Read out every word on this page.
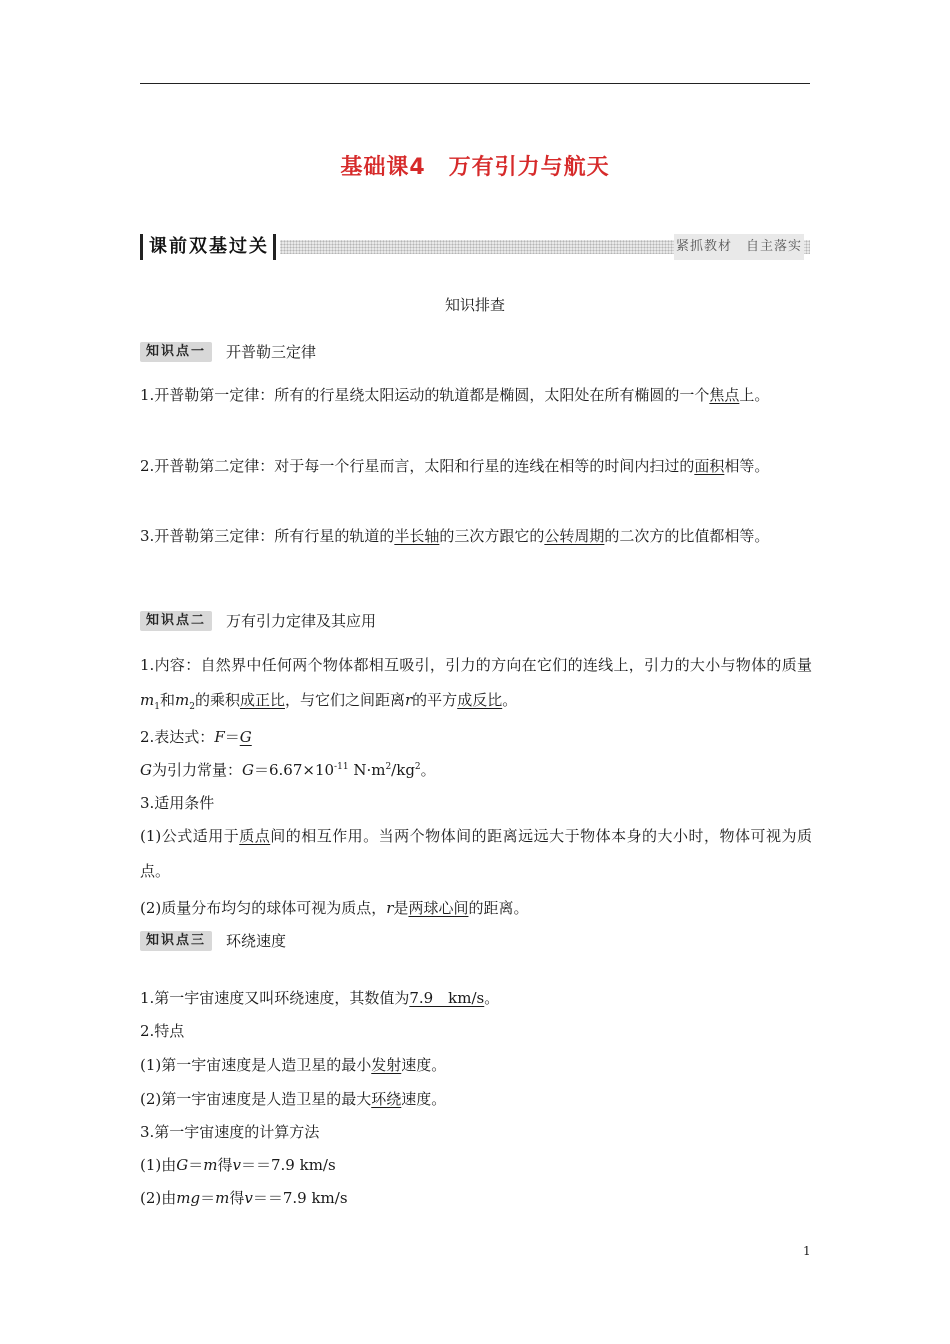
基础课4　万有引力与航天
课前双基过关	紧抓教材　自主落实
知识排查
知识点一 开普勒三定律
1.开普勒第一定律：所有的行星绕太阳运动的轨道都是椭圆，太阳处在所有椭圆的一个焦点上。
2.开普勒第二定律：对于每一个行星而言，太阳和行星的连线在相等的时间内扫过的面积相等。
3.开普勒第三定律：所有行星的轨道的半长轴的三次方跟它的公转周期的二次方的比值都相等。
知识点二 万有引力定律及其应用
1.内容：自然界中任何两个物体都相互吸引，引力的方向在它们的连线上，引力的大小与物体的质量$m_1$和$m_2$的乘积成正比，与它们之间距离r的平方成反比。
2.表达式：F＝G
G为引力常量：$G=6.67\times 10^{-11}$ $N\cdot m^2/kg^2$。
3.适用条件
(1)公式适用于质点间的相互作用。当两个物体间的距离远远大于物体本身的大小时，物体可视为质点。
(2)质量分布均匀的球体可视为质点，r是两球心间的距离。
知识点三 环绕速度
1.第一宇宙速度又叫环绕速度，其数值为7.9　km/s。
2.特点
(1)第一宇宙速度是人造卫星的最小发射速度。
(2)第一宇宙速度是人造卫星的最大环绕速度。
3.第一宇宙速度的计算方法
(1)由G＝m得v＝＝7.9 km/s
(2)由mg＝m得v＝＝7.9 km/s
1
